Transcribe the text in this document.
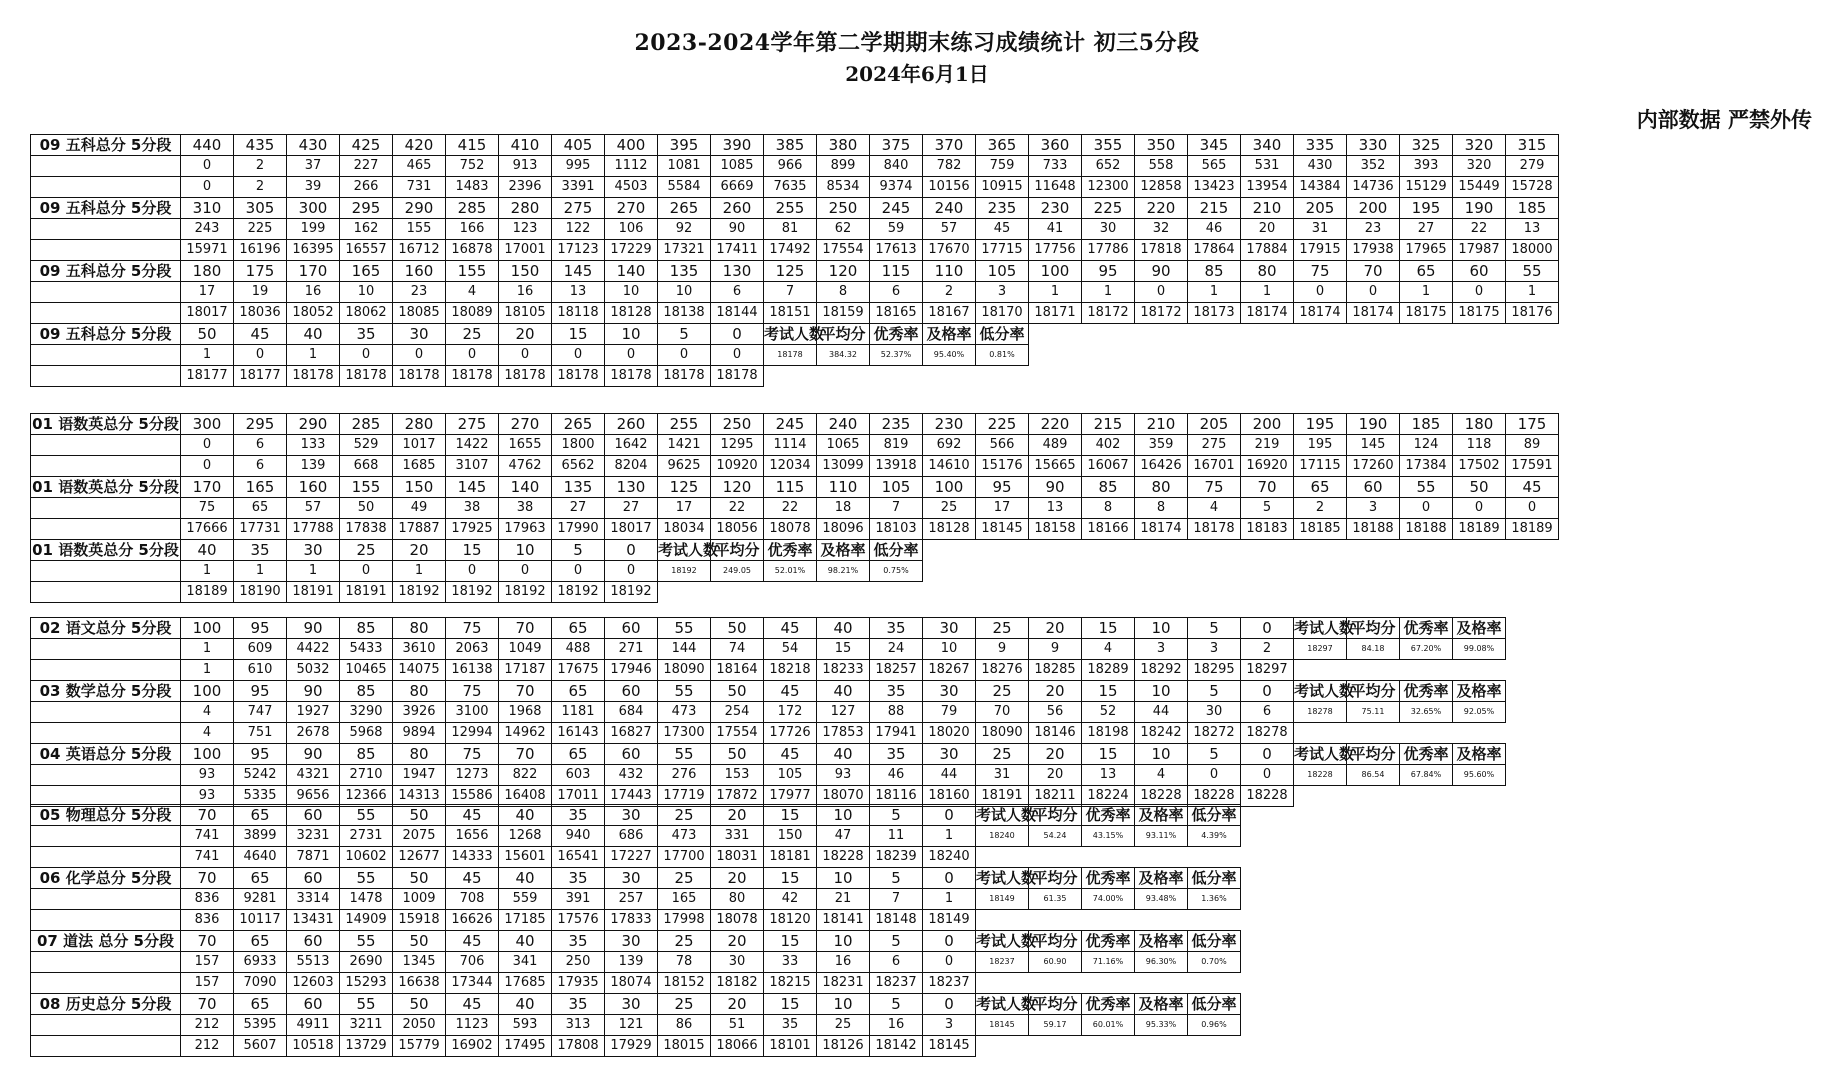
2023-2024学年第二学期期末练习成绩统计 初三5分段
2024年6月1日
内部数据 严禁外传
09 五科总分 5分段	440	435	430	425	420	415	410	405	400	395	390	385	380	375	370	365	360	355	350	345	340	335	330	325	320	315
	0	2	37	227	465	752	913	995	1112	1081	1085	966	899	840	782	759	733	652	558	565	531	430	352	393	320	279
	0	2	39	266	731	1483	2396	3391	4503	5584	6669	7635	8534	9374	10156	10915	11648	12300	12858	13423	13954	14384	14736	15129	15449	15728
09 五科总分 5分段	310	305	300	295	290	285	280	275	270	265	260	255	250	245	240	235	230	225	220	215	210	205	200	195	190	185
	243	225	199	162	155	166	123	122	106	92	90	81	62	59	57	45	41	30	32	46	20	31	23	27	22	13
	15971	16196	16395	16557	16712	16878	17001	17123	17229	17321	17411	17492	17554	17613	17670	17715	17756	17786	17818	17864	17884	17915	17938	17965	17987	18000
09 五科总分 5分段	180	175	170	165	160	155	150	145	140	135	130	125	120	115	110	105	100	95	90	85	80	75	70	65	60	55
	17	19	16	10	23	4	16	13	10	10	6	7	8	6	2	3	1	1	0	1	1	0	0	1	0	1
	18017	18036	18052	18062	18085	18089	18105	18118	18128	18138	18144	18151	18159	18165	18167	18170	18171	18172	18172	18173	18174	18174	18174	18175	18175	18176
09 五科总分 5分段	50	45	40	35	30	25	20	15	10	5	0	考试人数	平均分	优秀率	及格率	低分率										
	1	0	1	0	0	0	0	0	0	0	0	18178	384.32	52.37%	95.40%	0.81%										
	18177	18177	18178	18178	18178	18178	18178	18178	18178	18178	18178															
01 语数英总分 5分段	300	295	290	285	280	275	270	265	260	255	250	245	240	235	230	225	220	215	210	205	200	195	190	185	180	175
	0	6	133	529	1017	1422	1655	1800	1642	1421	1295	1114	1065	819	692	566	489	402	359	275	219	195	145	124	118	89
	0	6	139	668	1685	3107	4762	6562	8204	9625	10920	12034	13099	13918	14610	15176	15665	16067	16426	16701	16920	17115	17260	17384	17502	17591
01 语数英总分 5分段	170	165	160	155	150	145	140	135	130	125	120	115	110	105	100	95	90	85	80	75	70	65	60	55	50	45
	75	65	57	50	49	38	38	27	27	17	22	22	18	7	25	17	13	8	8	4	5	2	3	0	0	0
	17666	17731	17788	17838	17887	17925	17963	17990	18017	18034	18056	18078	18096	18103	18128	18145	18158	18166	18174	18178	18183	18185	18188	18188	18189	18189
01 语数英总分 5分段	40	35	30	25	20	15	10	5	0	考试人数	平均分	优秀率	及格率	低分率												
	1	1	1	0	1	0	0	0	0	18192	249.05	52.01%	98.21%	0.75%												
	18189	18190	18191	18191	18192	18192	18192	18192	18192																	
02 语文总分 5分段	100	95	90	85	80	75	70	65	60	55	50	45	40	35	30	25	20	15	10	5	0	考试人数	平均分	优秀率	及格率	
	1	609	4422	5433	3610	2063	1049	488	271	144	74	54	15	24	10	9	9	4	3	3	2	18297	84.18	67.20%	99.08%	
	1	610	5032	10465	14075	16138	17187	17675	17946	18090	18164	18218	18233	18257	18267	18276	18285	18289	18292	18295	18297					
03 数学总分 5分段	100	95	90	85	80	75	70	65	60	55	50	45	40	35	30	25	20	15	10	5	0	考试人数	平均分	优秀率	及格率	
	4	747	1927	3290	3926	3100	1968	1181	684	473	254	172	127	88	79	70	56	52	44	30	6	18278	75.11	32.65%	92.05%	
	4	751	2678	5968	9894	12994	14962	16143	16827	17300	17554	17726	17853	17941	18020	18090	18146	18198	18242	18272	18278					
04 英语总分 5分段	100	95	90	85	80	75	70	65	60	55	50	45	40	35	30	25	20	15	10	5	0	考试人数	平均分	优秀率	及格率	
	93	5242	4321	2710	1947	1273	822	603	432	276	153	105	93	46	44	31	20	13	4	0	0	18228	86.54	67.84%	95.60%	
	93	5335	9656	12366	14313	15586	16408	17011	17443	17719	17872	17977	18070	18116	18160	18191	18211	18224	18228	18228	18228					
05 物理总分 5分段	70	65	60	55	50	45	40	35	30	25	20	15	10	5	0	考试人数	平均分	优秀率	及格率	低分率						
	741	3899	3231	2731	2075	1656	1268	940	686	473	331	150	47	11	1	18240	54.24	43.15%	93.11%	4.39%						
	741	4640	7871	10602	12677	14333	15601	16541	17227	17700	18031	18181	18228	18239	18240											
06 化学总分 5分段	70	65	60	55	50	45	40	35	30	25	20	15	10	5	0	考试人数	平均分	优秀率	及格率	低分率						
	836	9281	3314	1478	1009	708	559	391	257	165	80	42	21	7	1	18149	61.35	74.00%	93.48%	1.36%						
	836	10117	13431	14909	15918	16626	17185	17576	17833	17998	18078	18120	18141	18148	18149											
07 道法 总分 5分段	70	65	60	55	50	45	40	35	30	25	20	15	10	5	0	考试人数	平均分	优秀率	及格率	低分率						
	157	6933	5513	2690	1345	706	341	250	139	78	30	33	16	6	0	18237	60.90	71.16%	96.30%	0.70%						
	157	7090	12603	15293	16638	17344	17685	17935	18074	18152	18182	18215	18231	18237	18237											
08 历史总分 5分段	70	65	60	55	50	45	40	35	30	25	20	15	10	5	0	考试人数	平均分	优秀率	及格率	低分率						
	212	5395	4911	3211	2050	1123	593	313	121	86	51	35	25	16	3	18145	59.17	60.01%	95.33%	0.96%						
	212	5607	10518	13729	15779	16902	17495	17808	17929	18015	18066	18101	18126	18142	18145											
